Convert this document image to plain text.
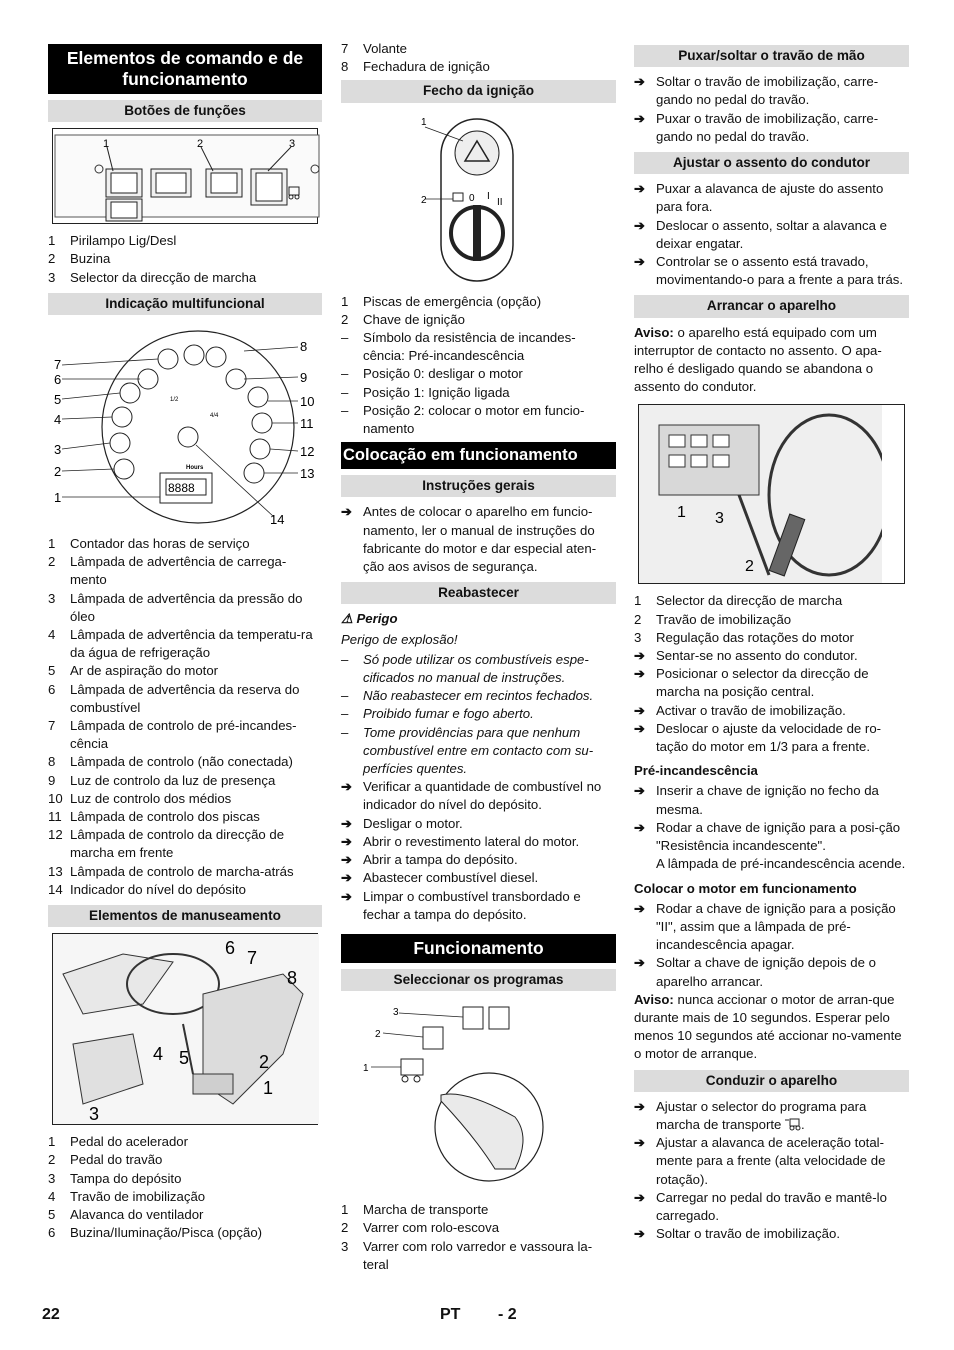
Elementos de comando e de funcionamento
Botões de funções
1	2	3
1	Pirilampo Lig/Desl
2	Buzina
3	Selector da direcção de marcha
Indicação multifuncional
1/2
4/4
Hours
8888
7
6
5
4
3
2
1
8
9
10
11
12
13
14
1	Contador das horas de serviço
2	Lâmpada de advertência de carrega-mento
3	Lâmpada de advertência da pressão do óleo
4	Lâmpada de advertência da temperatu-ra da água de refrigeração
5	Ar de aspiração do motor
6	Lâmpada de advertência da reserva do combustível
7	Lâmpada de controlo de pré-incandes-cência
8	Lâmpada de controlo (não conectada)
9	Luz de controlo da luz de presença
10 Luz de controlo dos médios
11 Lâmpada de controlo dos piscas
12 Lâmpada de controlo da direcção de marcha em frente
13 Lâmpada de controlo de marcha-atrás
14 Indicador do nível do depósito
Elementos de manuseamento
6 7
8
4 5	2
1
3
1	Pedal do acelerador
2	Pedal do travão
3	Tampa do depósito
4	Travão de imobilização
5	Alavanca do ventilador
6	Buzina/Iluminação/Pisca (opção)
7	Volante
8	Fechadura de ignição
Fecho da ignição
1
2	0 I
II
1	Piscas de emergência (opção)
2	Chave de ignição
–	Símbolo da resistência de incandes-cência: Pré-incandescência
–	Posição 0: desligar o motor
–	Posição 1: Ignição ligada
–	Posição 2: colocar o motor em funcio-namento
Colocação em funcionamento
Instruções gerais
➔ Antes de colocar o aparelho em funcio-namento, ler o manual de instruções do fabricante do motor e dar especial aten-ção aos avisos de segurança.
Reabastecer

⚠ Perigo

Perigo de explosão!

– Só pode utilizar os combustíveis espe-cificados no manual de instruções.
– Não reabastecer em recintos fechados.
– Proibido fumar e fogo aberto.
– Tome providências para que nenhum combustível entre em contacto com su-perfícies quentes.
➔ Verificar a quantidade de combustível no indicador do nível do depósito.
➔ Desligar o motor.
➔ Abrir o revestimento lateral do motor.
➔ Abrir a tampa do depósito.
➔ Abastecer combustível diesel.
➔ Limpar o combustível transbordado e fechar a tampa do depósito.
Funcionamento
Seleccionar os programas
3
2
1
1	Marcha de transporte
2	Varrer com rolo-escova
3	Varrer com rolo varredor e vassoura la-teral
Puxar/soltar o travão de mão
➔ Soltar o travão de imobilização, carre-gando no pedal do travão.
➔ Puxar o travão de imobilização, carre-gando no pedal do travão.
Ajustar o assento do condutor
➔ Puxar a alavanca de ajuste do assento para fora.
➔ Deslocar o assento, soltar a alavanca e deixar engatar.
➔ Controlar se o assento está travado, movimentando-o para a frente a para trás.
Arrancar o aparelho

Aviso: o aparelho está equipado com um interruptor de contacto no assento. O apa-relho é desligado quando se abandona o assento do condutor.

1 3
2
1	Selector da direcção de marcha
2	Travão de imobilização
3	Regulação das rotações do motor
➔ Sentar-se no assento do condutor.
➔ Posicionar o selector da direcção de marcha na posição central.
➔ Activar o travão de imobilização.
➔ Deslocar o ajuste da velocidade de ro-tação do motor em 1/3 para a frente.

Pré-incandescência

➔ Inserir a chave de ignição no fecho da mesma.
➔ Rodar a chave de ignição para a posi-ção "Resistência incandescente".

A lâmpada de pré-incandescência acende.

Colocar o motor em funcionamento

➔ Rodar a chave de ignição para a posição "II", assim que a lâmpada de pré-incandescência apagar.
➔ Soltar a chave de ignição depois de o aparelho arrancar.

Aviso: nunca accionar o motor de arran-que durante mais de 10 segundos. Esperar pelo menos 10 segundos até accionar no-vamente o motor de arranque.

Conduzir o aparelho
➔ Ajustar o selector do programa para marcha de transporte .
➔ Ajustar a alavanca de aceleração total-mente para a frente (alta velocidade de rotação).
➔ Carregar no pedal do travão e mantê-lo carregado.
➔ Soltar o travão de imobilização.
22	PT - 2
